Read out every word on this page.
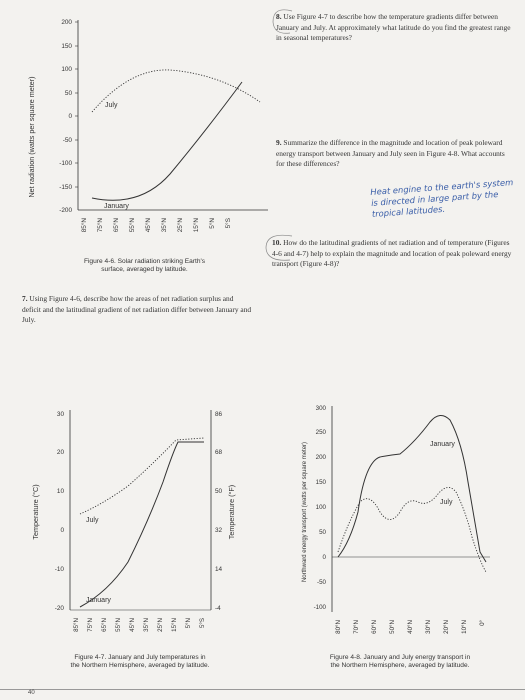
Net radiation (watts per square meter)
200
150
100
50
0
-50
-100
-150
-200
85°N 75°N 65°N 55°N 45°N 35°N 25°N 15°N 5°N 5°S
July
January
Figure 4-6. Solar radiation striking Earth's surface, averaged by latitude.
7. Using Figure 4-6, describe how the areas of net radiation surplus and deficit and the latitudinal gradient of net radiation differ between January and July.
8. Use Figure 4-7 to describe how the temperature gradients differ between January and July. At approximately what latitude do you find the greatest range in seasonal temperatures?
9. Summarize the difference in the magnitude and location of peak poleward energy transport between January and July seen in Figure 4-8. What accounts for these differences?
Heat engine to the earth's system is directed in large part by the tropical latitudes.
10. How do the latitudinal gradients of net radiation and of temperature (Figures 4-6 and 4-7) help to explain the magnitude and location of peak poleward energy transport (Figure 4-8)?
Temperature (°C)	Temperature (°F)
30
20
10
0
-10
-20
86
68
50
32
14
-4
85°N 75°N 65°N 55°N 45°N 35°N 25°N 15°N 5°N 5°S
July
January
Figure 4-7. January and July temperatures in the Northern Hemisphere, averaged by latitude.
Northward energy transport (watts per square meter)
300
250
200
150
100
50
0
-50
-100
80°N 70°N 60°N 50°N 40°N 30°N 20°N 10°N 0°
January
July
Figure 4-8. January and July energy transport in the Northern Hemisphere, averaged by latitude.
40
